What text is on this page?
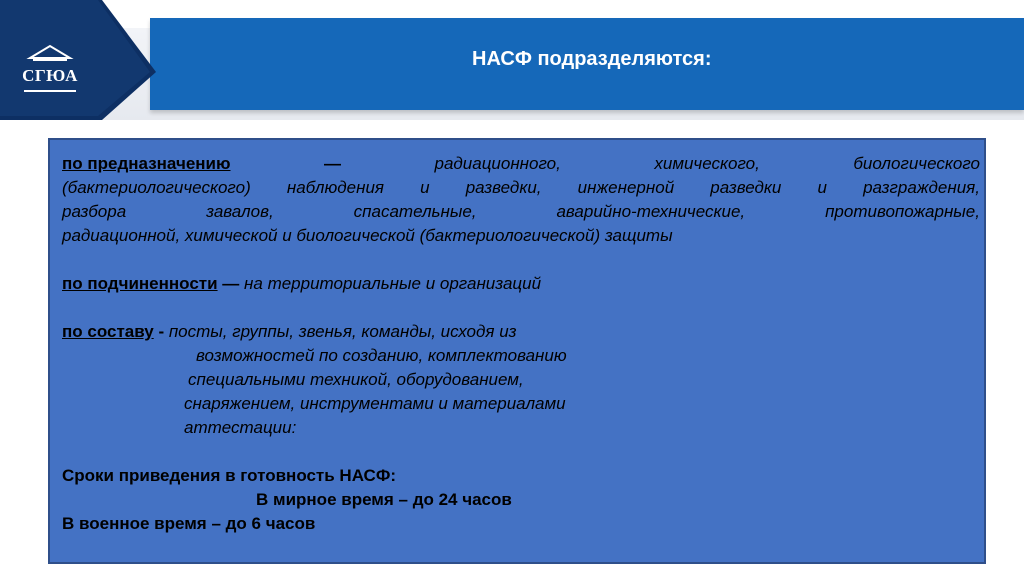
СГЮА
НАСФ подразделяются:
по предназначению	—	радиационного,	химического,	биологического
(бактериологического) наблюдения и разведки, инженерной разведки и разграждения,
разбора завалов, спасательные, аварийно-технические, противопожарные,
радиационной, химической и биологической (бактериологической) защиты
по подчиненности — на территориальные и организаций
по составу - посты, группы, звенья, команды, исходя из
возможностей по созданию, комплектованию
специальными техникой, оборудованием,
снаряжением, инструментами и материалами
аттестации:
Сроки приведения в готовность НАСФ:
В мирное время – до 24 часов
В военное время – до 6 часов
